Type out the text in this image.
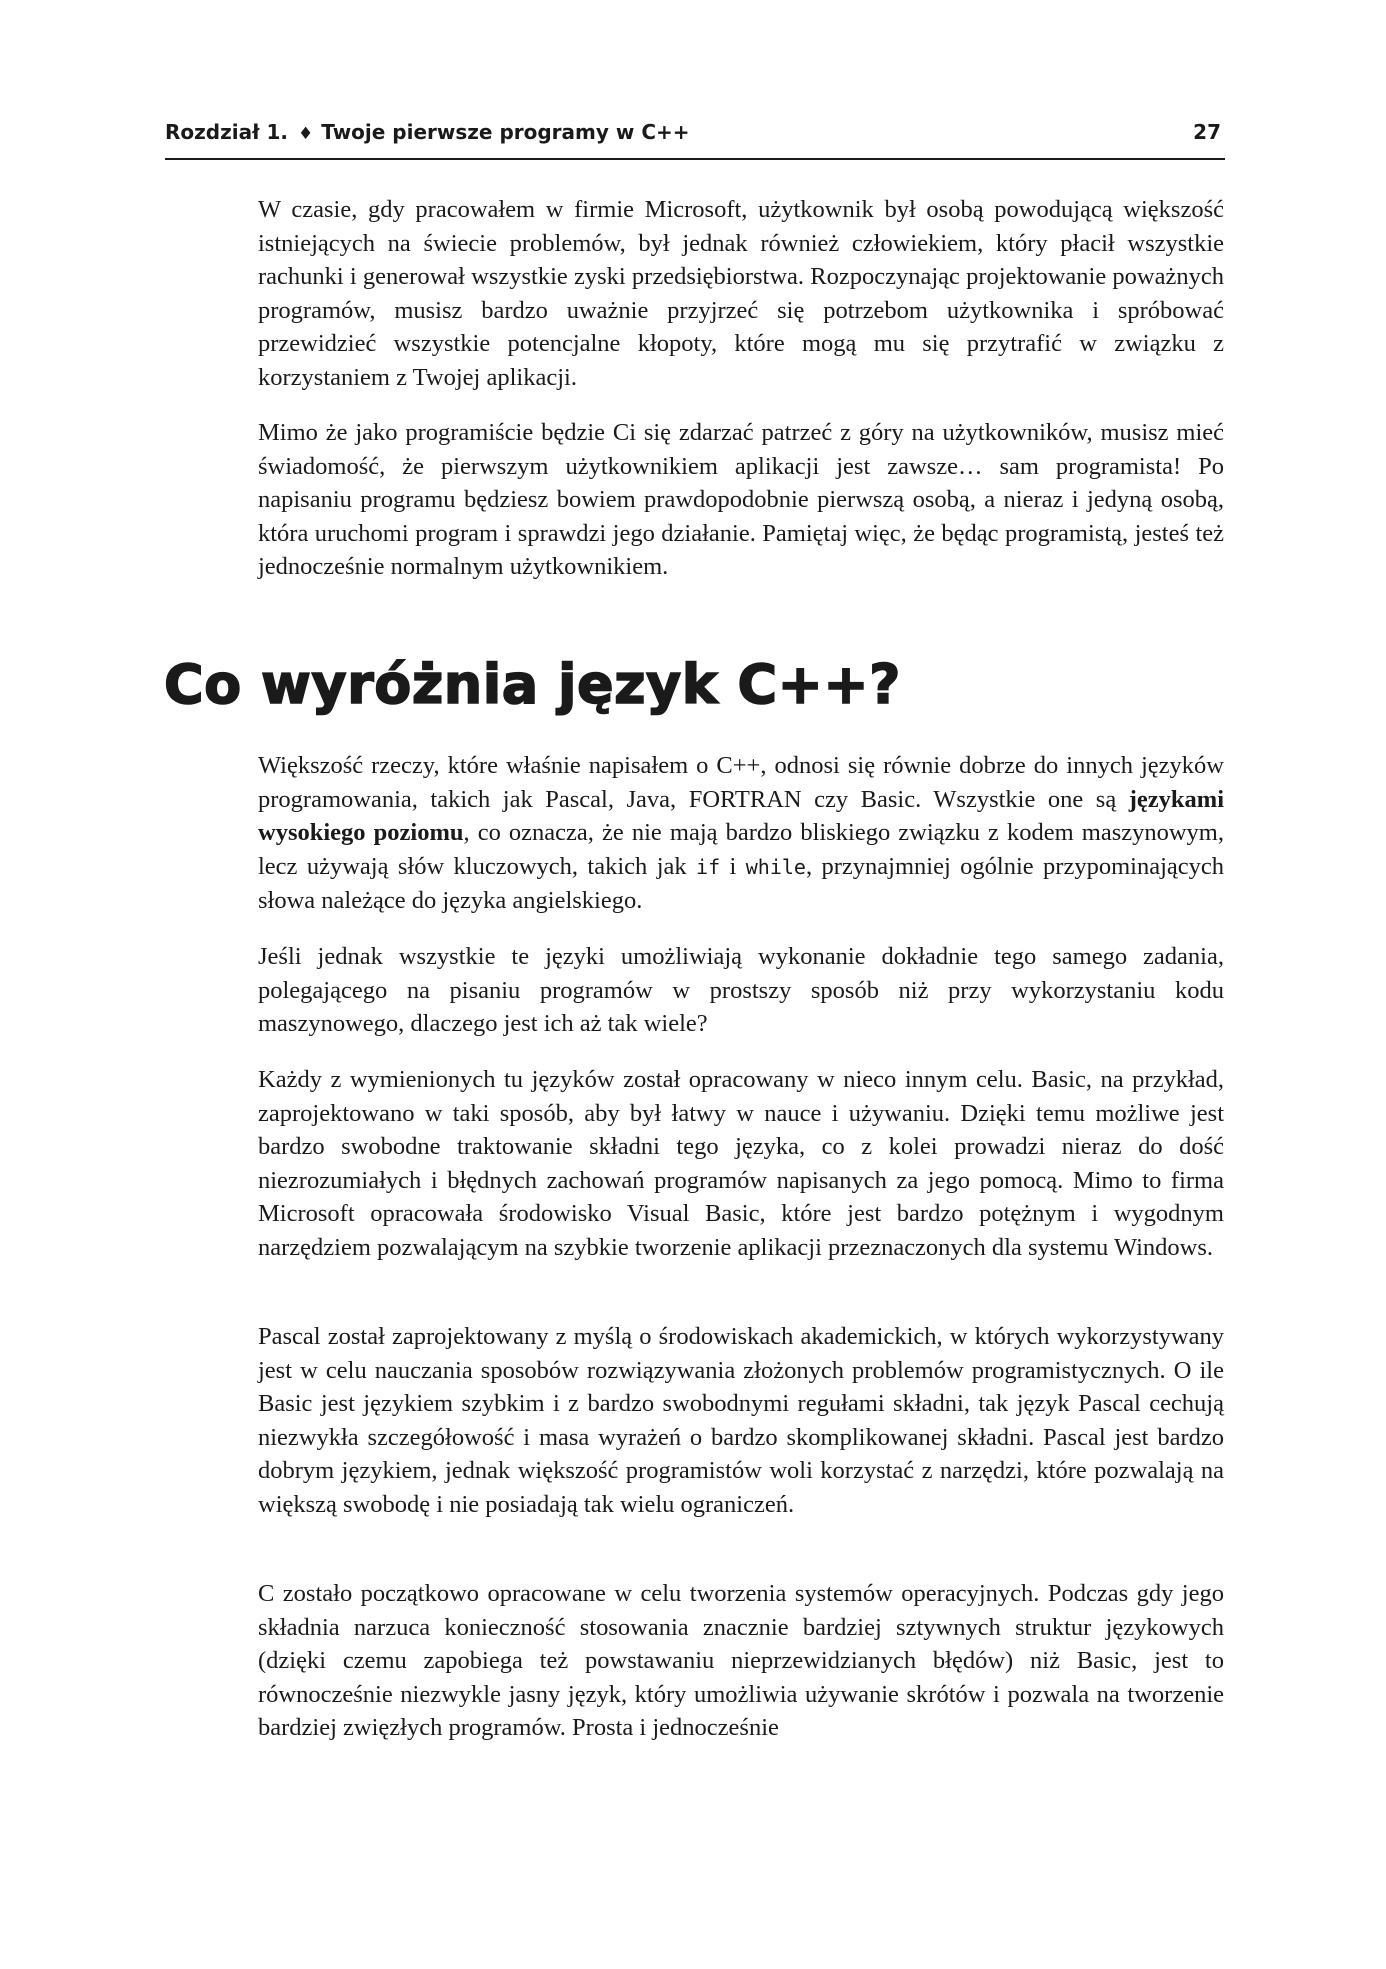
Rozdział 1. ♦ Twoje pierwsze programy w C++	27

W czasie, gdy pracowałem w firmie Microsoft, użytkownik był osobą powodującą większość istniejących na świecie problemów, był jednak również człowiekiem, który płacił wszystkie rachunki i generował wszystkie zyski przedsiębiorstwa. Rozpoczynając projektowanie poważnych programów, musisz bardzo uważnie przyjrzeć się potrzebom użytkownika i spróbować przewidzieć wszystkie potencjalne kłopoty, które mogą mu się przytrafić w związku z korzystaniem z Twojej aplikacji.

Mimo że jako programiście będzie Ci się zdarzać patrzeć z góry na użytkowników, musisz mieć świadomość, że pierwszym użytkownikiem aplikacji jest zawsze… sam programista! Po napisaniu programu będziesz bowiem prawdopodobnie pierwszą osobą, a nieraz i jedyną osobą, która uruchomi program i sprawdzi jego działanie. Pamiętaj więc, że będąc programistą, jesteś też jednocześnie normalnym użytkownikiem.

Co wyróżnia język C++?

Większość rzeczy, które właśnie napisałem o C++, odnosi się równie dobrze do innych języków programowania, takich jak Pascal, Java, FORTRAN czy Basic. Wszystkie one są językami wysokiego poziomu, co oznacza, że nie mają bardzo bliskiego związku z kodem maszynowym, lecz używają słów kluczowych, takich jak if i while, przynajmniej ogólnie przypominających słowa należące do języka angielskiego.

Jeśli jednak wszystkie te języki umożliwiają wykonanie dokładnie tego samego zadania, polegającego na pisaniu programów w prostszy sposób niż przy wykorzystaniu kodu maszynowego, dlaczego jest ich aż tak wiele?

Każdy z wymienionych tu języków został opracowany w nieco innym celu. Basic, na przykład, zaprojektowano w taki sposób, aby był łatwy w nauce i używaniu. Dzięki temu możliwe jest bardzo swobodne traktowanie składni tego języka, co z kolei prowadzi nieraz do dość niezrozumiałych i błędnych zachowań programów napisanych za jego pomocą. Mimo to firma Microsoft opracowała środowisko Visual Basic, które jest bardzo potężnym i wygodnym narzędziem pozwalającym na szybkie tworzenie aplikacji przeznaczonych dla systemu Windows.

Pascal został zaprojektowany z myślą o środowiskach akademickich, w których wykorzystywany jest w celu nauczania sposobów rozwiązywania złożonych problemów programistycznych. O ile Basic jest językiem szybkim i z bardzo swobodnymi regułami składni, tak język Pascal cechują niezwykła szczegółowość i masa wyrażeń o bardzo skomplikowanej składni. Pascal jest bardzo dobrym językiem, jednak większość programistów woli korzystać z narzędzi, które pozwalają na większą swobodę i nie posiadają tak wielu ograniczeń.

C zostało początkowo opracowane w celu tworzenia systemów operacyjnych. Podczas gdy jego składnia narzuca konieczność stosowania znacznie bardziej sztywnych struktur językowych (dzięki czemu zapobiega też powstawaniu nieprzewidzianych błędów) niż Basic, jest to równocześnie niezwykle jasny język, który umożliwia używanie skrótów i pozwala na tworzenie bardziej zwięzłych programów. Prosta i jednocześnie
